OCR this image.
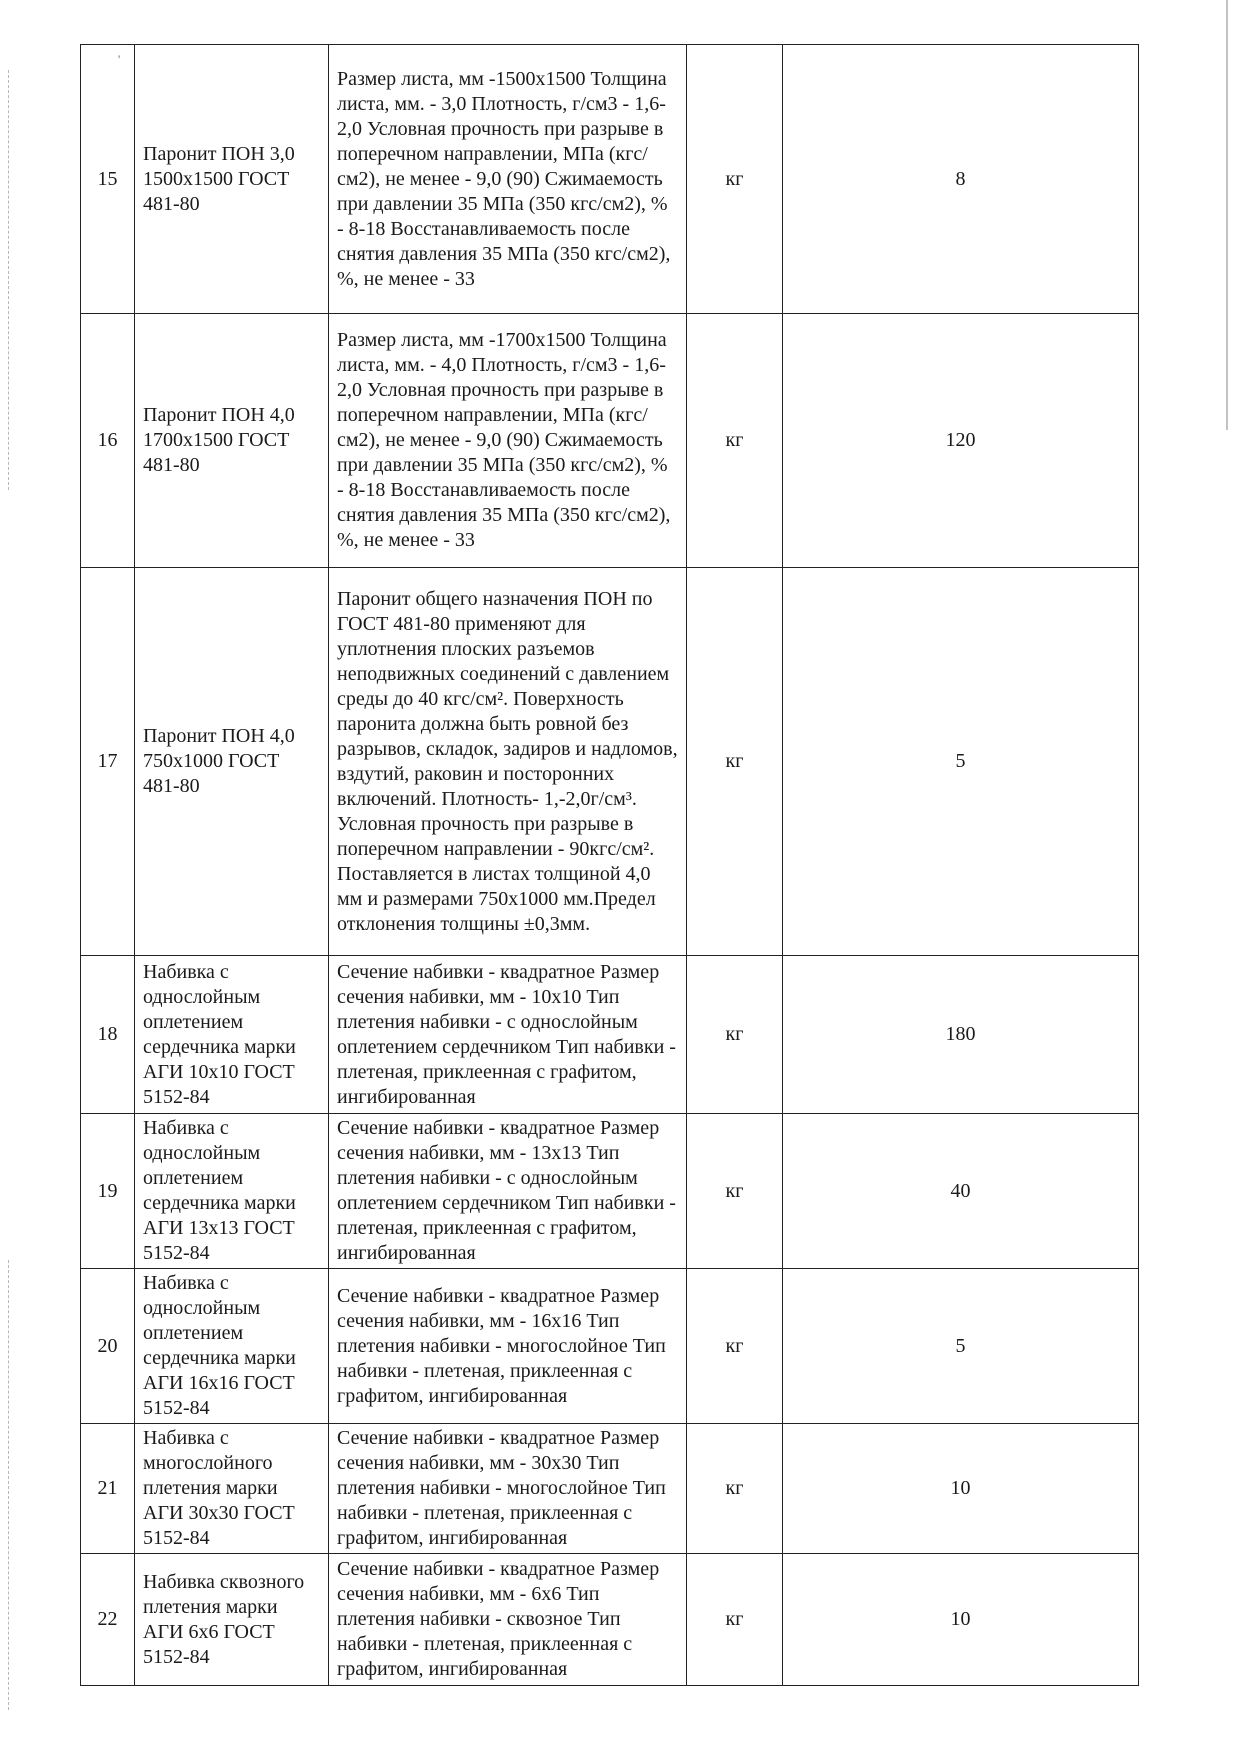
'
15	Паронит ПОН 3,0 1500x1500 ГОСТ 481-80	Размер листа, мм -1500x1500 Толщина листа, мм. - 3,0 Плотность, г/см3 - 1,6-2,0 Условная прочность при разрыве в поперечном направлении, МПа (кгс/см2), не менее - 9,0 (90) Сжимаемость при давлении 35 МПа (350 кгс/см2), % - 8-18 Восстанавливаемость после снятия давления 35 МПа (350 кгс/см2), %, не менее - 33	кг	8
16	Паронит ПОН 4,0 1700x1500 ГОСТ 481-80	Размер листа, мм -1700x1500 Толщина листа, мм. - 4,0 Плотность, г/см3 - 1,6-2,0 Условная прочность при разрыве в поперечном направлении, МПа (кгс/см2), не менее - 9,0 (90) Сжимаемость при давлении 35 МПа (350 кгс/см2), % - 8-18 Восстанавливаемость после снятия давления 35 МПа (350 кгс/см2), %, не менее - 33	кг	120
17	Паронит ПОН 4,0 750x1000 ГОСТ 481-80	Паронит общего назначения ПОН по ГОСТ 481-80 применяют для уплотнения плоских разъемов неподвижных соединений с давлением среды до 40 кгс/см². Поверхность паронита должна быть ровной без разрывов, складок, задиров и надломов, вздутий, раковин и посторонних включений. Плотность- 1,-2,0г/см³. Условная прочность при разрыве в поперечном направлении - 90кгс/см². Поставляется в листах толщиной 4,0 мм и размерами 750x1000 мм.Предел отклонения толщины ±0,3мм.	кг	5
18	Набивка с однослойным оплетением сердечника марки АГИ 10x10 ГОСТ 5152-84	Сечение набивки - квадратное Размер сечения набивки, мм - 10x10 Тип плетения набивки - с однослойным оплетением сердечником Тип набивки - плетеная, приклеенная с графитом, ингибированная	кг	180
19	Набивка с однослойным оплетением сердечника марки АГИ 13x13 ГОСТ 5152-84	Сечение набивки - квадратное Размер сечения набивки, мм - 13x13 Тип плетения набивки - с однослойным оплетением сердечником Тип набивки - плетеная, приклеенная с графитом, ингибированная	кг	40
20	Набивка с однослойным оплетением сердечника марки АГИ 16x16 ГОСТ 5152-84	Сечение набивки - квадратное Размер сечения набивки, мм - 16x16 Тип плетения набивки - многослойное Тип набивки - плетеная, приклеенная с графитом, ингибированная	кг	5
21	Набивка с многослойного плетения марки АГИ 30x30 ГОСТ 5152-84	Сечение набивки - квадратное Размер сечения набивки, мм - 30x30 Тип плетения набивки - многослойное Тип набивки - плетеная, приклеенная с графитом, ингибированная	кг	10
22	Набивка сквозного плетения марки АГИ 6x6 ГОСТ 5152-84	Сечение набивки - квадратное Размер сечения набивки, мм - 6x6 Тип плетения набивки - сквозное Тип набивки - плетеная, приклеенная с графитом, ингибированная	кг	10
